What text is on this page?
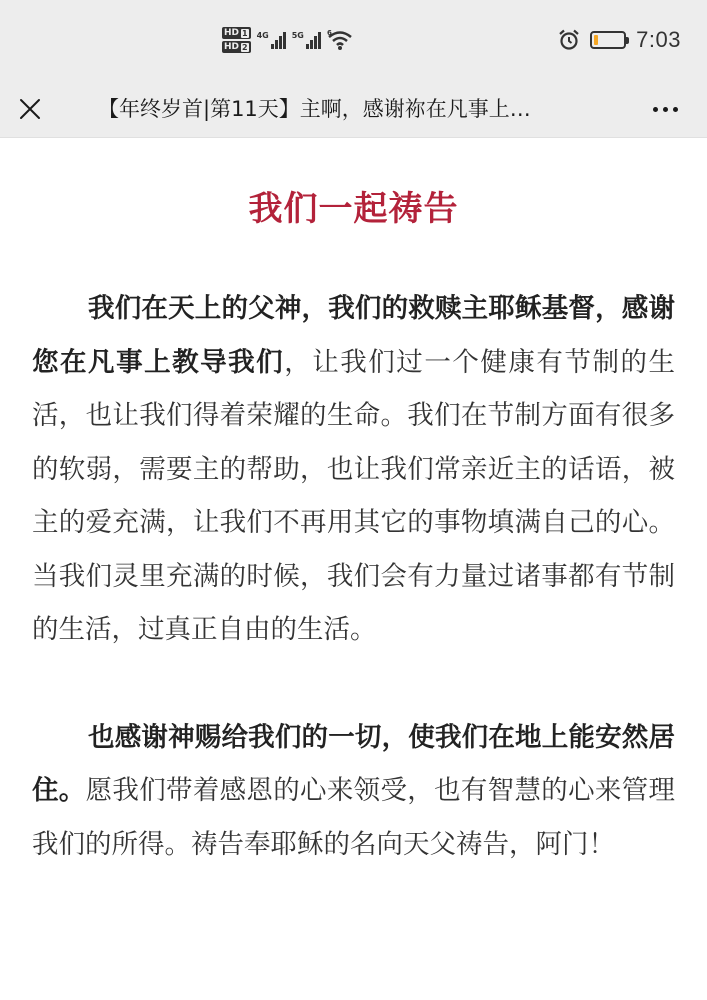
HD 1
HD 2
4G	5G	6	7:03
【年终岁首|第11天】主啊，感谢祢在凡事上…
我们一起祷告

我们在天上的父神，我们的救赎主耶稣基督，感谢您在凡事上教导我们，让我们过一个健康有节制的生活，也让我们得着荣耀的生命。我们在节制方面有很多的软弱，需要主的帮助，也让我们常亲近主的话语，被主的爱充满，让我们不再用其它的事物填满自己的心。当我们灵里充满的时候，我们会有力量过诸事都有节制的生活，过真正自由的生活。

也感谢神赐给我们的一切，使我们在地上能安然居住。愿我们带着感恩的心来领受，也有智慧的心来管理我们的所得。祷告奉耶稣的名向天父祷告，阿门！
